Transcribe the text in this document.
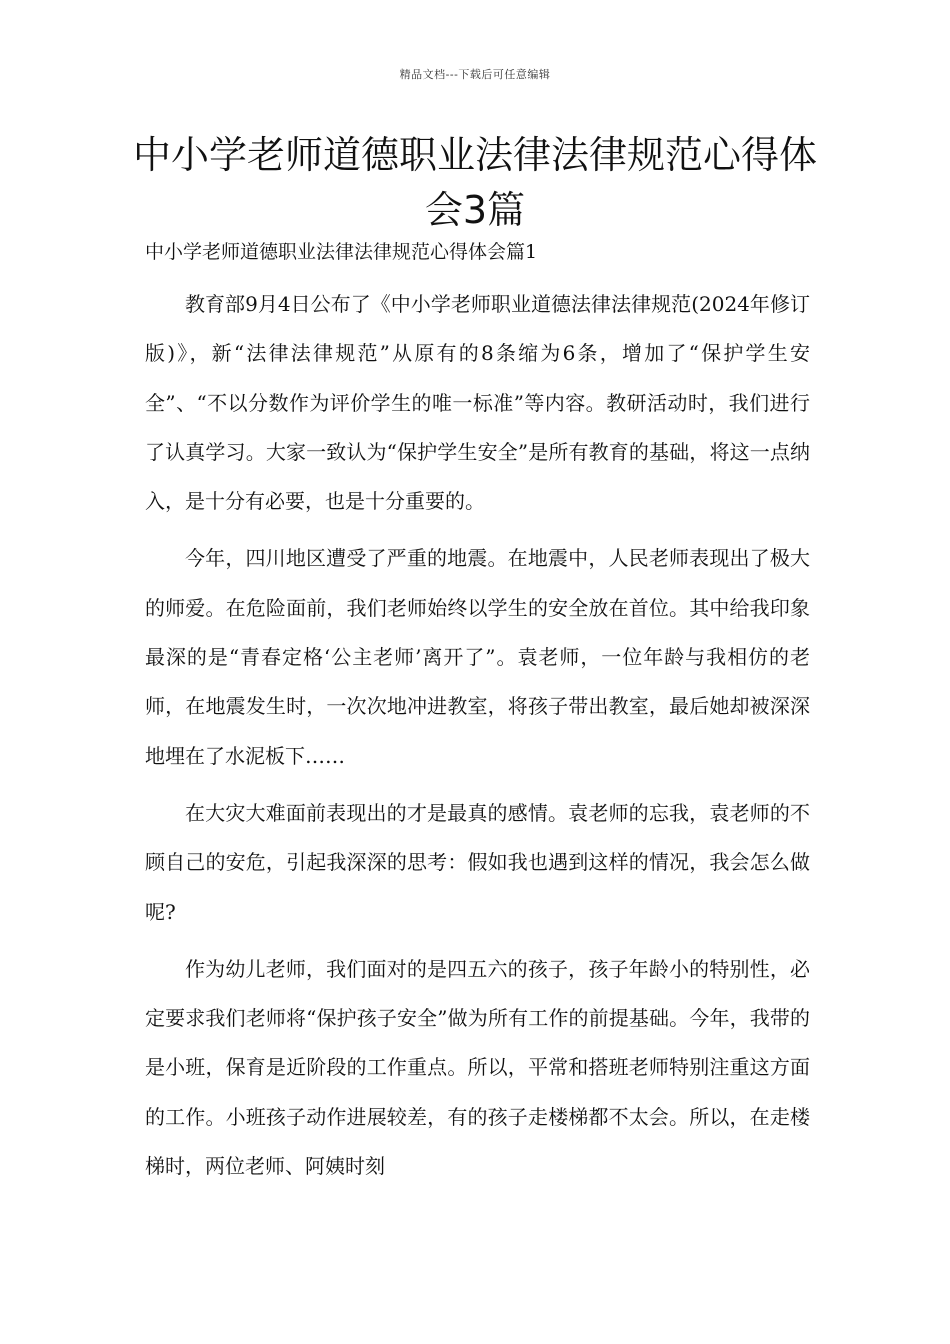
精品文档---下载后可任意编辑
中小学老师道德职业法律法律规范心得体会3篇

中小学老师道德职业法律法律规范心得体会篇1

教育部9月4日公布了《中小学老师职业道德法律法律规范(2024年修订版)》，新“法律法律规范”从原有的8条缩为6条，增加了“保护学生安全”、“不以分数作为评价学生的唯一标准”等内容。教研活动时，我们进行了认真学习。大家一致认为“保护学生安全”是所有教育的基础，将这一点纳入，是十分有必要，也是十分重要的。

今年，四川地区遭受了严重的地震。在地震中，人民老师表现出了极大的师爱。在危险面前，我们老师始终以学生的安全放在首位。其中给我印象最深的是“青春定格‘公主老师’离开了”。袁老师，一位年龄与我相仿的老师，在地震发生时，一次次地冲进教室，将孩子带出教室，最后她却被深深地埋在了水泥板下……

在大灾大难面前表现出的才是最真的感情。袁老师的忘我，袁老师的不顾自己的安危，引起我深深的思考：假如我也遇到这样的情况，我会怎么做呢?

作为幼儿老师，我们面对的是四五六的孩子，孩子年龄小的特别性，必定要求我们老师将“保护孩子安全”做为所有工作的前提基础。今年，我带的是小班，保育是近阶段的工作重点。所以，平常和搭班老师特别注重这方面的工作。小班孩子动作进展较差，有的孩子走楼梯都不太会。所以，在走楼梯时，两位老师、阿姨时刻
